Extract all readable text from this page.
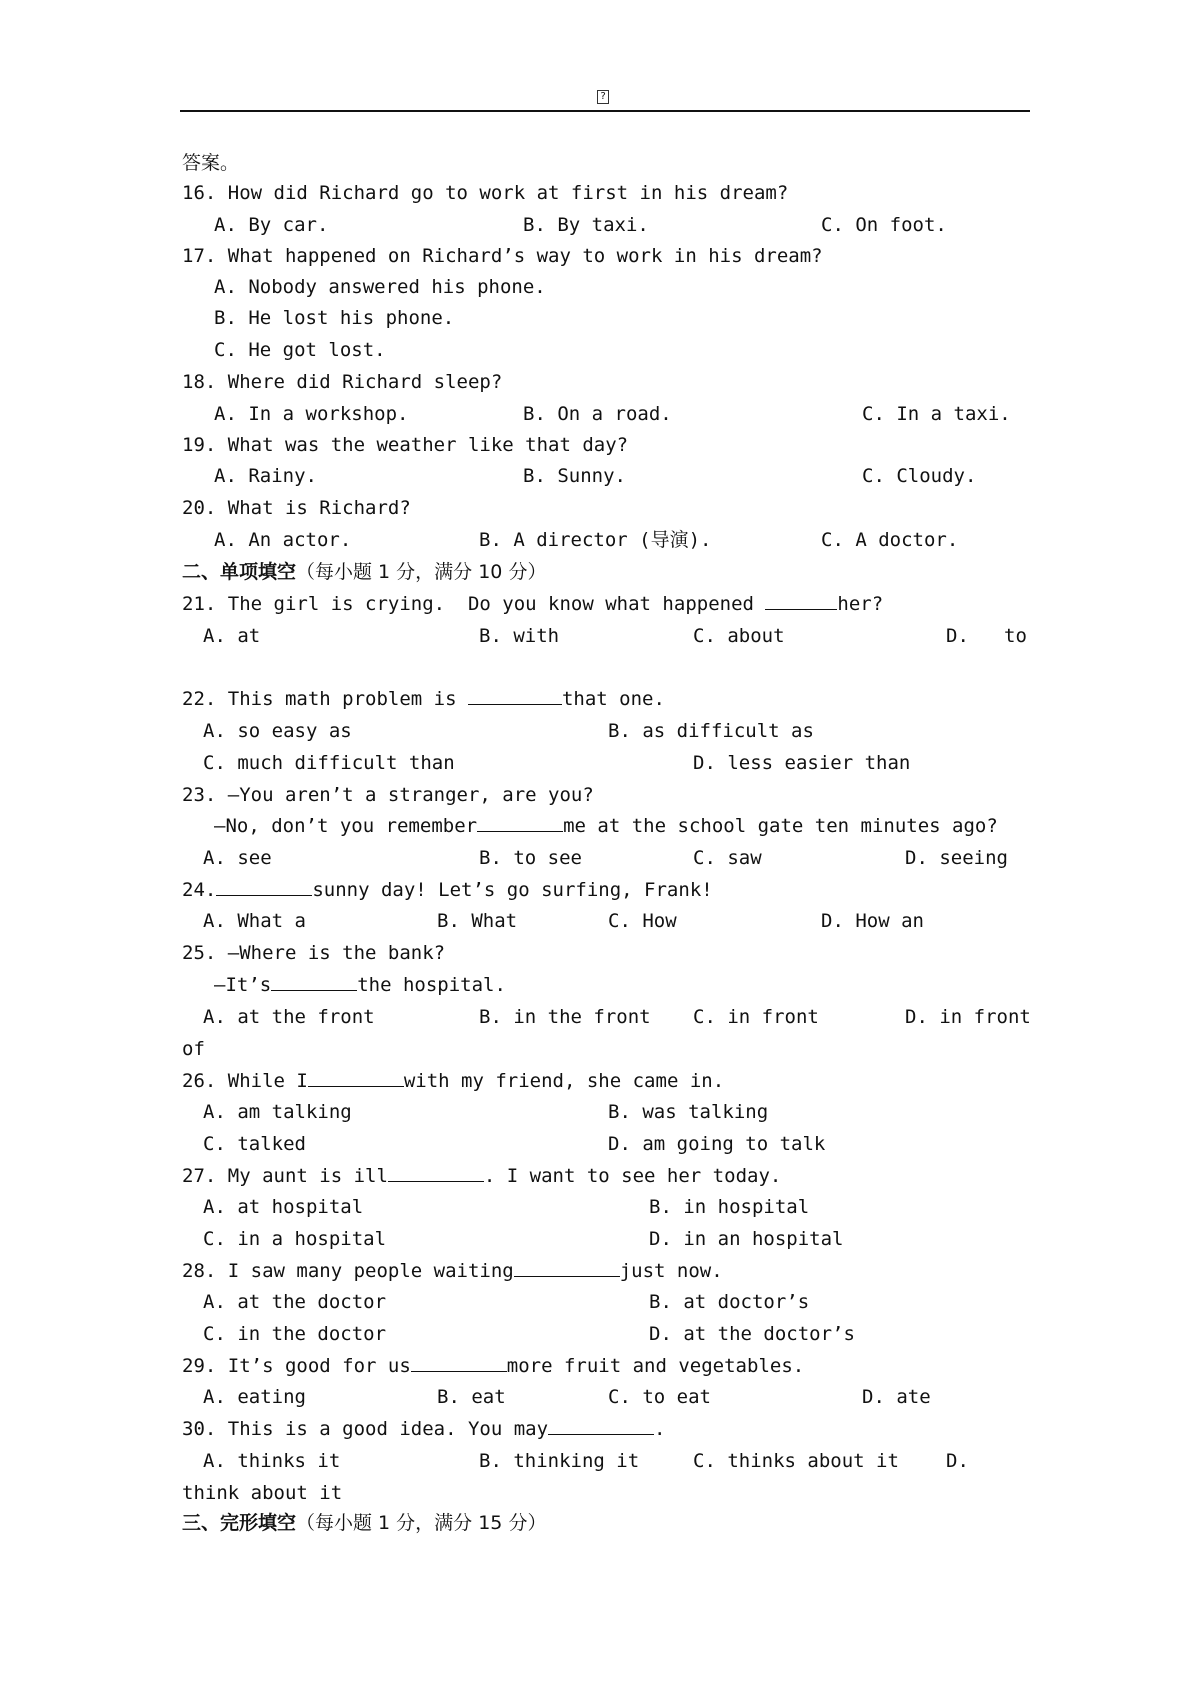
?
答案。
16. How did Richard go to work at first in his dream?
A. By car.	B. By taxi.	C. On foot.
17. What happened on Richard’s way to work in his dream?
A. Nobody answered his phone.
B. He lost his phone.
C. He got lost.
18. Where did Richard sleep?
A. In a workshop.	B. On a road.	C. In a taxi.
19. What was the weather like that day?
A. Rainy.	B. Sunny.	C. Cloudy.
20. What is Richard?
A. An actor.	B. A director (导演).	C. A doctor.
二、单项填空（每小题 1 分，满分 10 分）
21. The girl is crying.  Do you know what happened	her?
A. at	B. with	C. about	D. to
22. This math problem is	that one.
A. so easy as	B. as difficult as
C. much difficult than	D. less easier than
23. —You aren’t a stranger, are you?
—No, don’t you remember	me at the school gate ten minutes ago?
A. see	B. to see	C. saw	D. seeing
24.	sunny day! Let’s go surfing, Frank!
A. What a	B. What	C. How	D. How an
25. —Where is the bank?
—It’s	the hospital.
A. at the front	B. in the front C. in front	D. in front
of
26. While I	with my friend, she came in.
A. am talking	B. was talking
C. talked	D. am going to talk
27. My aunt is ill	. I want to see her today.
A. at hospital	B. in hospital
C. in a hospital	D. in an hospital
28. I saw many people waiting	just now.
A. at the doctor	B. at doctor’s
C. in the doctor	D. at the doctor’s
29. It’s good for us	more fruit and vegetables.
A. eating	B. eat	C. to eat	D. ate
30. This is a good idea. You may	.
A. thinks it	B. thinking it	C. thinks about it D.
think about it
三、完形填空（每小题 1 分，满分 15 分）
